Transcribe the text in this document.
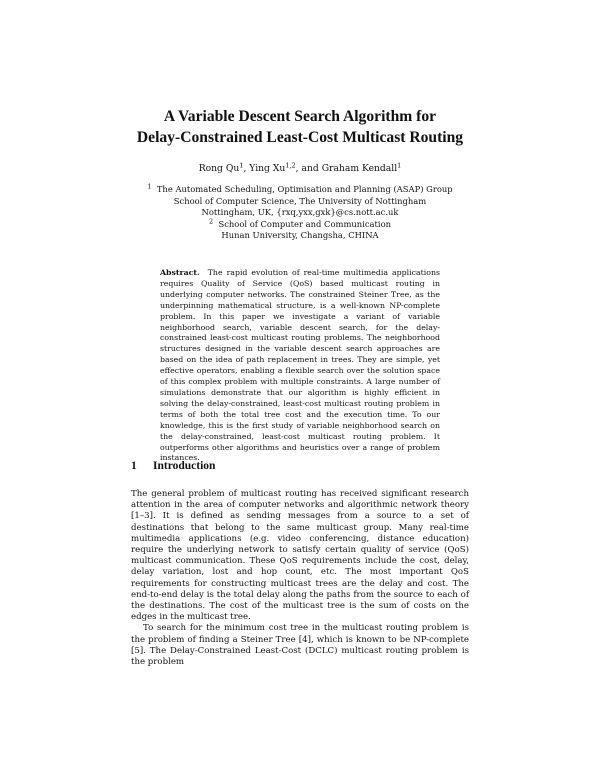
A Variable Descent Search Algorithm for
Delay-Constrained Least-Cost Multicast Routing
Rong Qu$^1$, Ying Xu$^{1,2}$, and Graham Kendall$^1$
$^1$ The Automated Scheduling, Optimisation and Planning (ASAP) Group
School of Computer Science, The University of Nottingham
Nottingham, UK, {rxq,yxx,gxk}@cs.nott.ac.uk
$^2$ School of Computer and Communication
Hunan University, Changsha, CHINA
Abstract. The rapid evolution of real-time multimedia applications requires Quality of Service (QoS) based multicast routing in underlying computer networks. The constrained Steiner Tree, as the underpinning mathematical structure, is a well-known NP-complete problem. In this paper we investigate a variant of variable neighborhood search, variable descent search, for the delay-constrained least-cost multicast routing problems. The neighborhood structures designed in the variable descent search approaches are based on the idea of path replacement in trees. They are simple, yet effective operators, enabling a flexible search over the solution space of this complex problem with multiple constraints. A large number of simulations demonstrate that our algorithm is highly efficient in solving the delay-constrained, least-cost multicast routing problem in terms of both the total tree cost and the execution time. To our knowledge, this is the first study of variable neighborhood search on the delay-constrained, least-cost multicast routing problem. It outperforms other algorithms and heuristics over a range of problem instances.
1 Introduction

The general problem of multicast routing has received significant research attention in the area of computer networks and algorithmic network theory [1–3]. It is defined as sending messages from a source to a set of destinations that belong to the same multicast group. Many real-time multimedia applications (e.g. video conferencing, distance education) require the underlying network to satisfy certain quality of service (QoS) multicast communication. These QoS requirements include the cost, delay, delay variation, lost and hop count, etc. The most important QoS requirements for constructing multicast trees are the delay and cost. The end-to-end delay is the total delay along the paths from the source to each of the destinations. The cost of the multicast tree is the sum of costs on the edges in the multicast tree.

To search for the minimum cost tree in the multicast routing problem is the problem of finding a Steiner Tree [4], which is known to be NP-complete [5]. The Delay-Constrained Least-Cost (DCLC) multicast routing problem is the problem
